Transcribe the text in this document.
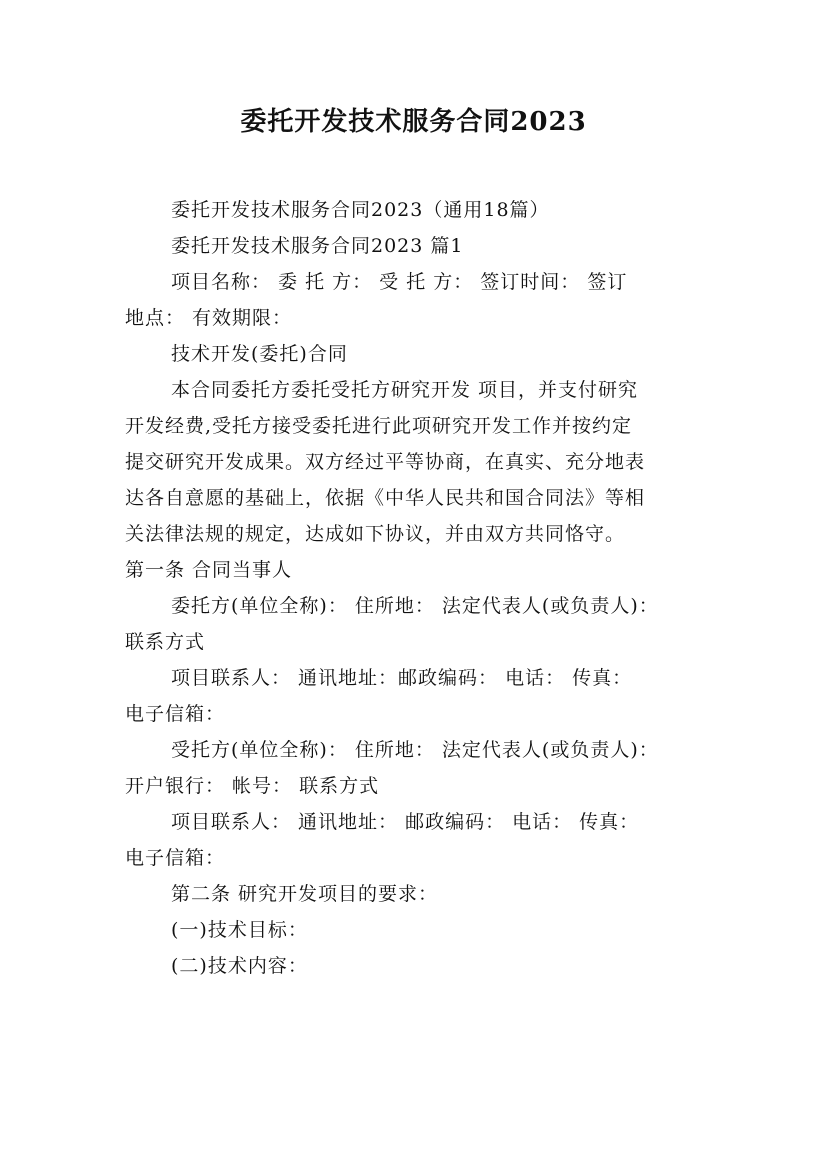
委托开发技术服务合同2023

委托开发技术服务合同2023（通用18篇）

委托开发技术服务合同2023 篇1

项目名称： 委 托 方： 受 托 方： 签订时间： 签订

地点： 有效期限：

技术开发(委托)合同

本合同委托方委托受托方研究开发 项目，并支付研究

开发经费,受托方接受委托进行此项研究开发工作并按约定

提交研究开发成果。双方经过平等协商，在真实、充分地表

达各自意愿的基础上，依据《中华人民共和国合同法》等相

关法律法规的规定，达成如下协议，并由双方共同恪守。

第一条 合同当事人

委托方(单位全称)： 住所地： 法定代表人(或负责人)：

联系方式

项目联系人： 通讯地址：邮政编码： 电话： 传真：

电子信箱：

受托方(单位全称)： 住所地： 法定代表人(或负责人)：

开户银行： 帐号： 联系方式

项目联系人： 通讯地址： 邮政编码： 电话： 传真：

电子信箱：

第二条 研究开发项目的要求：

(一)技术目标：

(二)技术内容：
